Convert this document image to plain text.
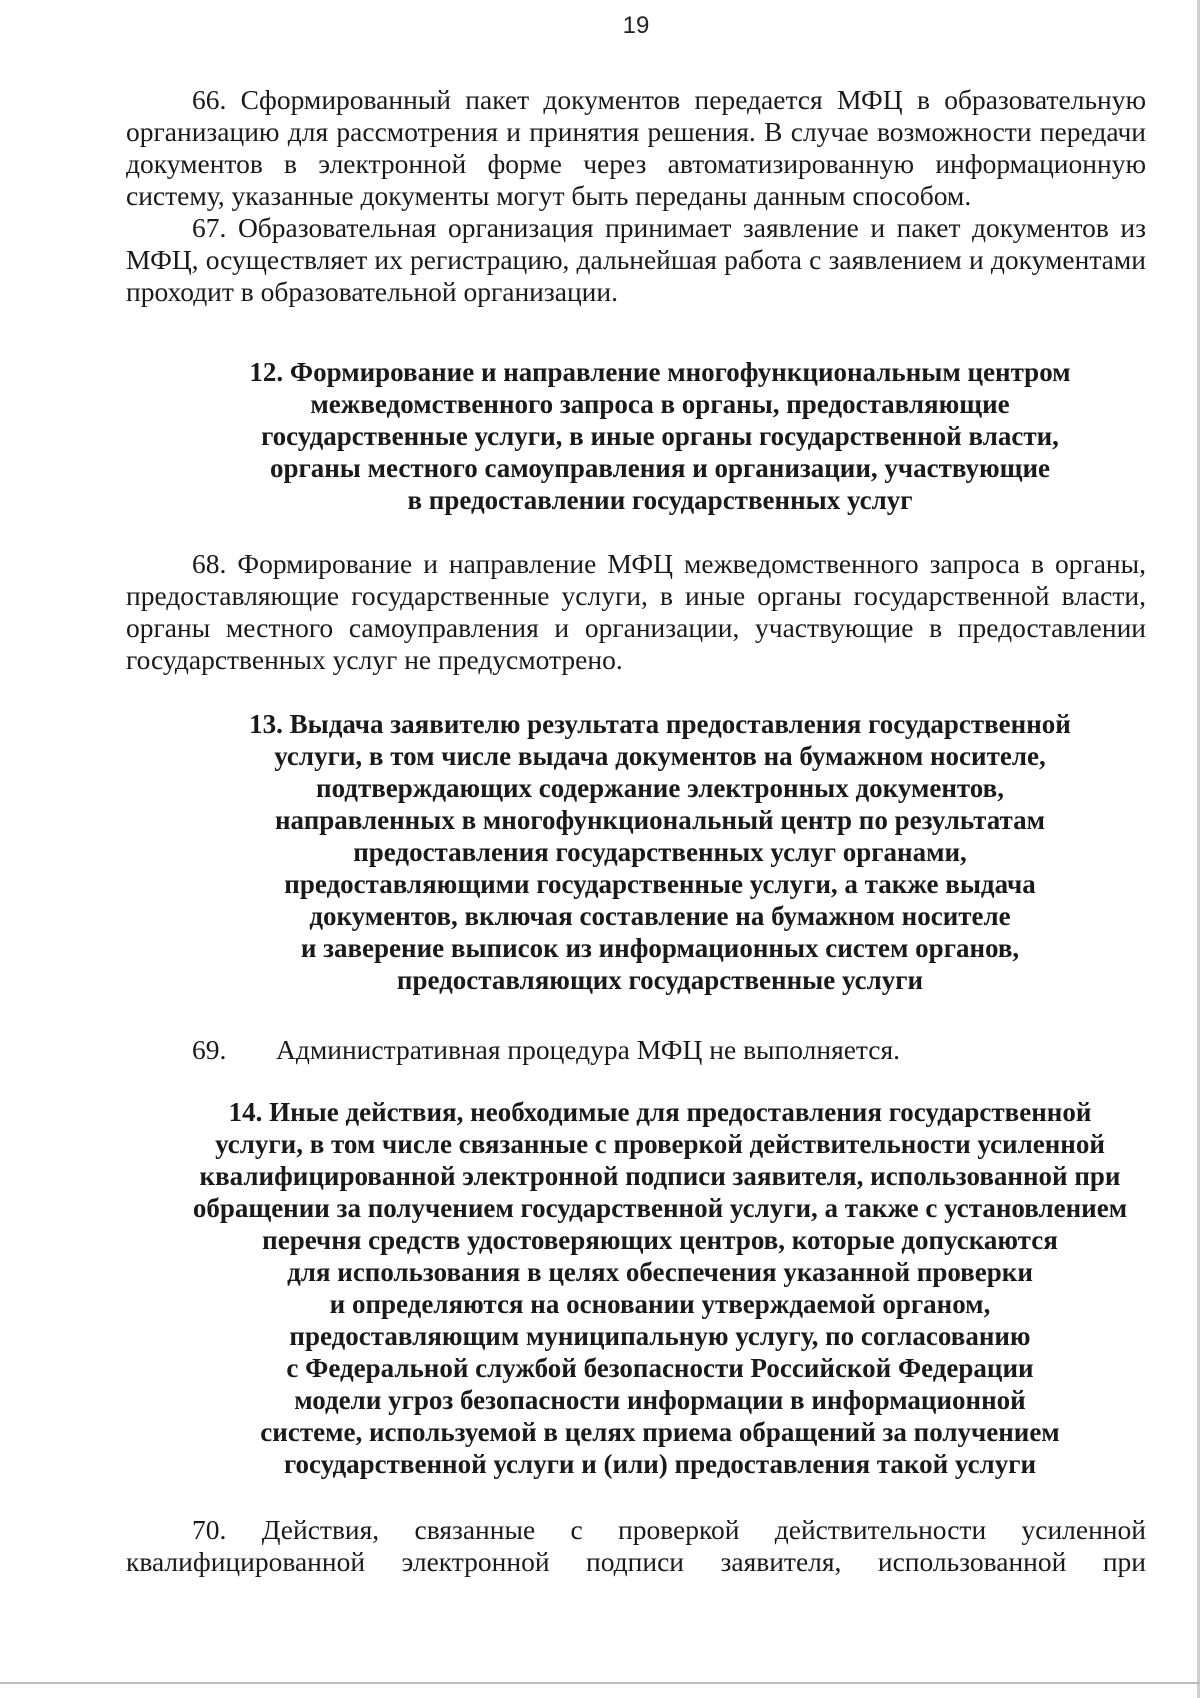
19

66. Сформированный пакет документов передается МФЦ в образовательную организацию для рассмотрения и принятия решения. В случае возможности передачи документов в электронной форме через автоматизированную информационную систему, указанные документы могут быть переданы данным способом.

67. Образовательная организация принимает заявление и пакет документов из МФЦ, осуществляет их регистрацию, дальнейшая работа с заявлением и документами проходит в образовательной организации.

12. Формирование и направление многофункциональным центром

межведомственного запроса в органы, предоставляющие

государственные услуги, в иные органы государственной власти,

органы местного самоуправления и организации, участвующие

в предоставлении государственных услуг

68. Формирование и направление МФЦ межведомственного запроса в органы, предоставляющие государственные услуги, в иные органы государственной власти, органы местного самоуправления и организации, участвующие в предоставлении государственных услуг не предусмотрено.

13. Выдача заявителю результата предоставления государственной

услуги, в том числе выдача документов на бумажном носителе,

подтверждающих содержание электронных документов,

направленных в многофункциональный центр по результатам

предоставления государственных услуг органами,

предоставляющими государственные услуги, а также выдача

документов, включая составление на бумажном носителе

и заверение выписок из информационных систем органов,

предоставляющих государственные услуги

69. Административная процедура МФЦ не выполняется.

14. Иные действия, необходимые для предоставления государственной

услуги, в том числе связанные с проверкой действительности усиленной

квалифицированной электронной подписи заявителя, использованной при

обращении за получением государственной услуги, а также с установлением

перечня средств удостоверяющих центров, которые допускаются

для использования в целях обеспечения указанной проверки

и определяются на основании утверждаемой органом,

предоставляющим муниципальную услугу, по согласованию

с Федеральной службой безопасности Российской Федерации

модели угроз безопасности информации в информационной

системе, используемой в целях приема обращений за получением

государственной услуги и (или) предоставления такой услуги

70. Действия, связанные с проверкой действительности усиленной квалифицированной электронной подписи заявителя, использованной при
